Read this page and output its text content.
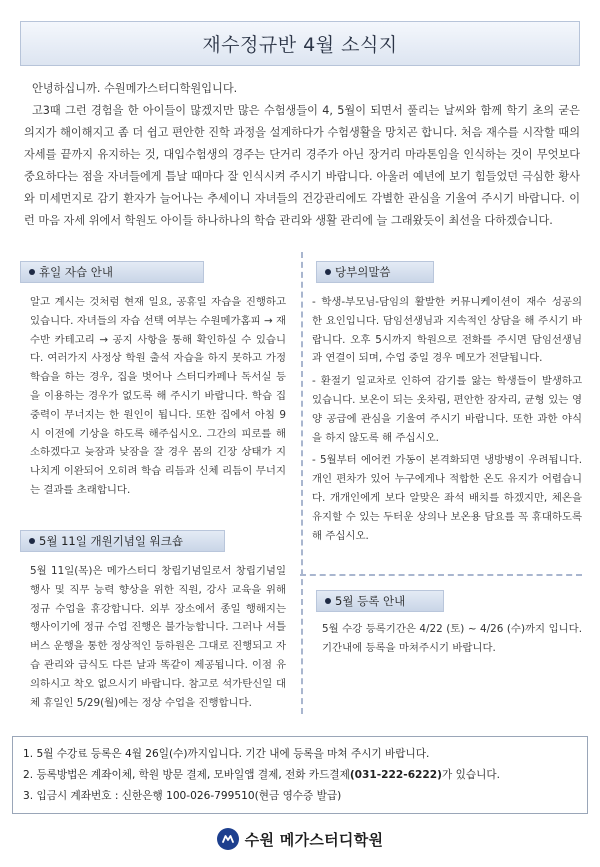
재수정규반 4월 소식지

안녕하십니까. 수원메가스터디학원입니다.

고3때 그런 경험을 한 아이들이 많겠지만 많은 수험생들이 4, 5월이 되면서 풀리는 날씨와 함께 학기 초의 굳은 의지가 해이해지고 좀 더 쉽고 편안한 진학 과정을 설계하다가 수험생활을 망치곤 합니다. 처음 재수를 시작할 때의 자세를 끝까지 유지하는 것, 대입수험생의 경주는 단거리 경주가 아닌 장거리 마라톤임을 인식하는 것이 무엇보다 중요하다는 점을 자녀들에게 틈날 때마다 잘 인식시켜 주시기 바랍니다. 아울러 예년에 보기 힘들었던 극심한 황사와 미세먼지로 감기 환자가 늘어나는 추세이니 자녀들의 건강관리에도 각별한 관심을 기울여 주시기 바랍니다. 이런 마음 자세 위에서 학원도 아이들 하나하나의 학습 관리와 생활 관리에 늘 그래왔듯이 최선을 다하겠습니다.

휴일 자습 안내

알고 계시는 것처럼 현재 일요, 공휴일 자습을 진행하고 있습니다. 자녀들의 자습 선택 여부는 수원메가홈피 → 재수반 카테고리 → 공지 사항을 통해 확인하실 수 있습니다. 여러가지 사정상 학원 출석 자습을 하지 못하고 가정학습을 하는 경우, 집을 벗어나 스터디카페나 독서실 등을 이용하는 경우가 없도록 해 주시기 바랍니다. 학습 집중력이 무너지는 한 원인이 됩니다. 또한 집에서 아침 9시 이전에 기상을 하도록 해주십시오. 그간의 피로를 해소하겠다고 늦잠과 낮잠을 잘 경우 몸의 긴장 상태가 지나치게 이완되어 오히려 학습 리듬과 신체 리듬이 무너지는 결과를 초래합니다.

5월 11일 개원기념일 워크숍

5월 11일(목)은 메가스터디 창립기념일로서 창립기념일 행사 및 직무 능력 향상을 위한 직원, 강사 교육을 위해 정규 수업을 휴강합니다. 외부 장소에서 종일 행해지는 행사이기에 정규 수업 진행은 불가능합니다. 그러나 셔틀버스 운행을 통한 정상적인 등하원은 그대로 진행되고 자습 관리와 급식도 다른 날과 똑같이 제공됩니다. 이점 유의하시고 착오 없으시기 바랍니다. 참고로 석가탄신일 대체 휴일인 5/29(월)에는 정상 수업을 진행합니다.

당부의말씀

- 학생-부모님-담임의 활발한 커뮤니케이션이 재수 성공의 한 요인입니다. 담임선생님과 지속적인 상담을 해 주시기 바랍니다. 오후 5시까지 학원으로 전화를 주시면 담임선생님과 연결이 되며, 수업 중일 경우 메모가 전달됩니다.

- 환절기 일교차로 인하여 감기를 앓는 학생들이 발생하고 있습니다. 보온이 되는 옷차림, 편안한 잠자리, 균형 있는 영양 공급에 관심을 기울여 주시기 바랍니다. 또한 과한 야식을 하지 않도록 해 주십시오.

- 5월부터 에어컨 가동이 본격화되면 냉방병이 우려됩니다. 개인 편차가 있어 누구에게나 적합한 온도 유지가 어렵습니다. 개개인에게 보다 알맞은 좌석 배치를 하겠지만, 체온을 유지할 수 있는 두터운 상의나 보온용 담요를 꼭 휴대하도록 해 주십시오.

5월 등록 안내

5월 수강 등록기간은 4/22 (토) ~ 4/26 (수)까지 입니다. 기간내에 등록을 마쳐주시기 바랍니다.

1. 5월 수강료 등록은 4월 26일(수)까지입니다. 기간 내에 등록을 마쳐 주시기 바랍니다.
2. 등록방법은 계좌이체, 학원 방문 결제, 모바일앱 결제, 전화 카드결제(031-222-6222)가 있습니다.
3. 입금시 계좌번호 : 신한은행 100-026-799510(현금 영수증 발급)
수원 메가스터디학원
